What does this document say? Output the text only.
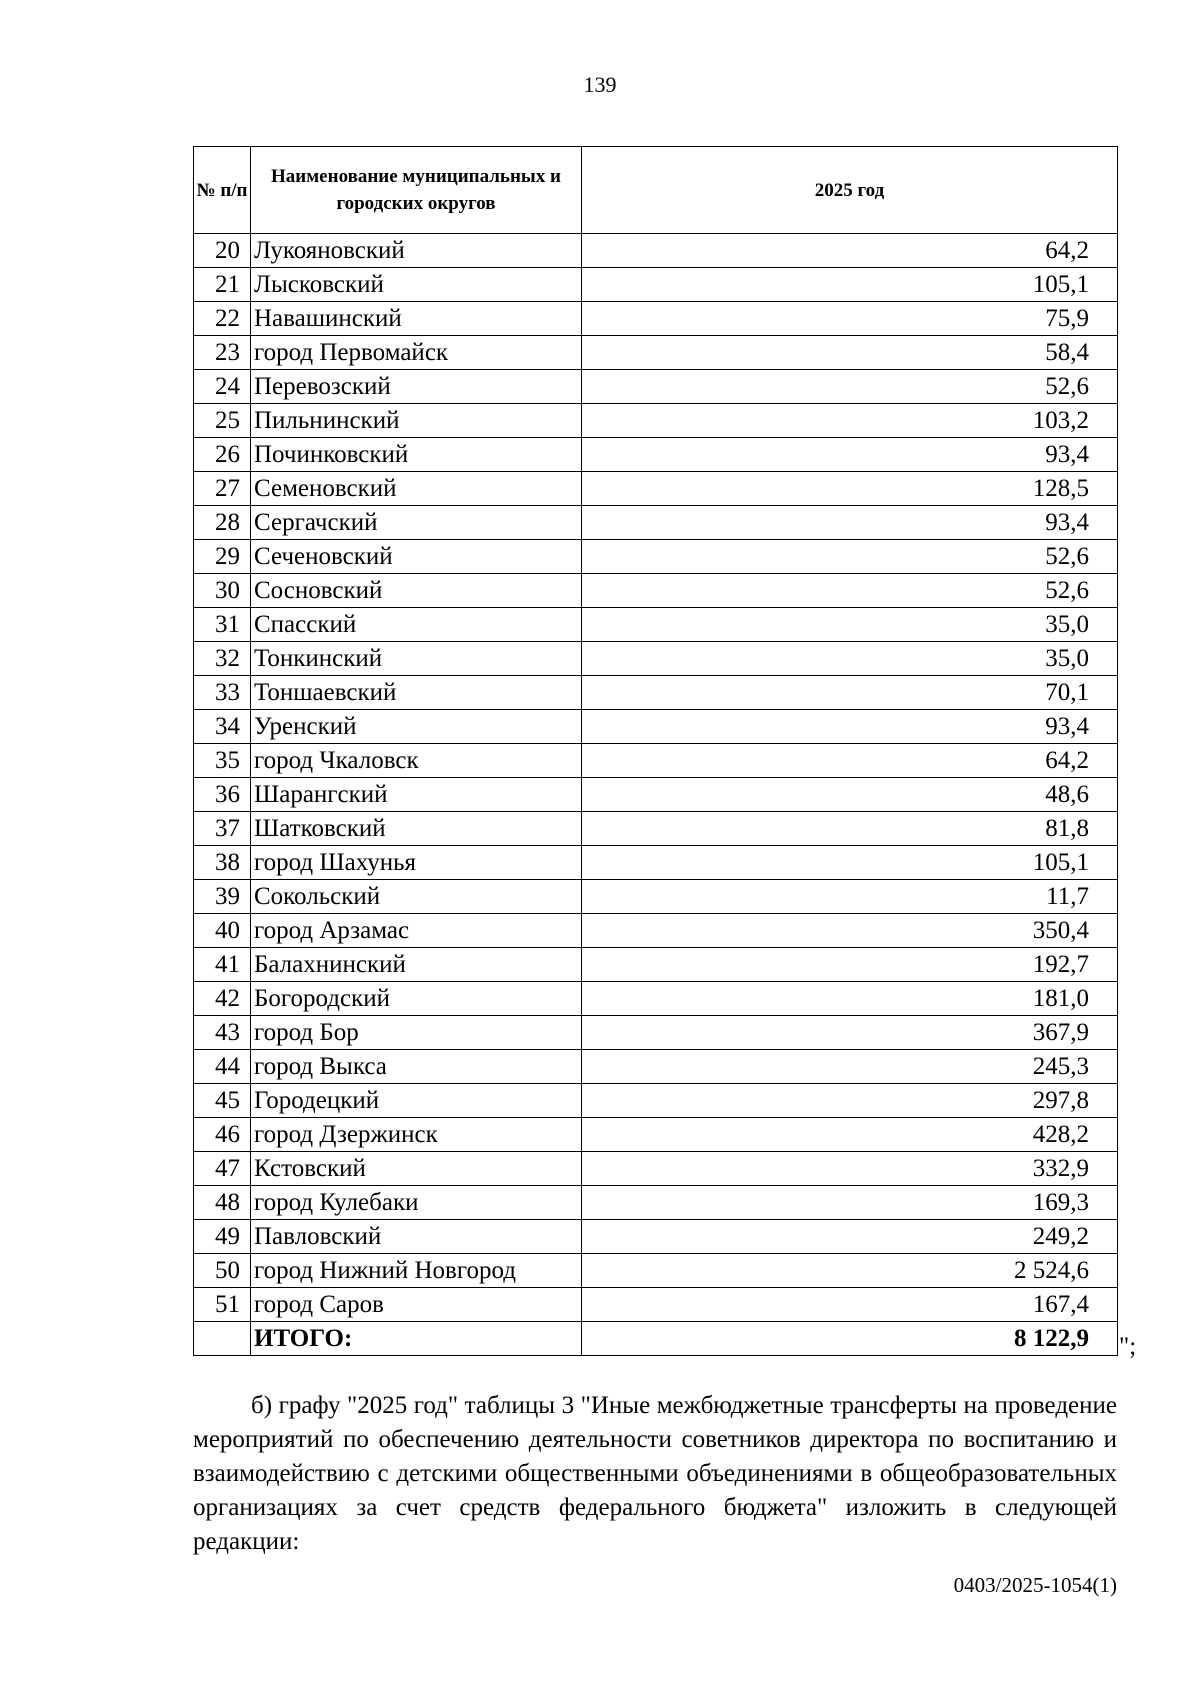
139
№ п/п	Наименование муниципальных и городских округов	2025 год
20	Лукояновский	64,2
21	Лысковский	105,1
22	Навашинский	75,9
23	город Первомайск	58,4
24	Перевозский	52,6
25	Пильнинский	103,2
26	Починковский	93,4
27	Семеновский	128,5
28	Сергачский	93,4
29	Сеченовский	52,6
30	Сосновский	52,6
31	Спасский	35,0
32	Тонкинский	35,0
33	Тоншаевский	70,1
34	Уренский	93,4
35	город Чкаловск	64,2
36	Шарангский	48,6
37	Шатковский	81,8
38	город Шахунья	105,1
39	Сокольский	11,7
40	город Арзамас	350,4
41	Балахнинский	192,7
42	Богородский	181,0
43	город Бор	367,9
44	город Выкса	245,3
45	Городецкий	297,8
46	город Дзержинск	428,2
47	Кстовский	332,9
48	город Кулебаки	169,3
49	Павловский	249,2
50	город Нижний Новгород	2 524,6
51	город Саров	167,4
	ИТОГО:	8 122,9 ";

б) графу "2025 год" таблицы 3 "Иные межбюджетные трансферты на проведение мероприятий по обеспечению деятельности советников директора по воспитанию и взаимодействию с детскими общественными объединениями в общеобразовательных организациях за счет средств федерального бюджета" изложить в следующей редакции:

0403/2025-1054(1)
